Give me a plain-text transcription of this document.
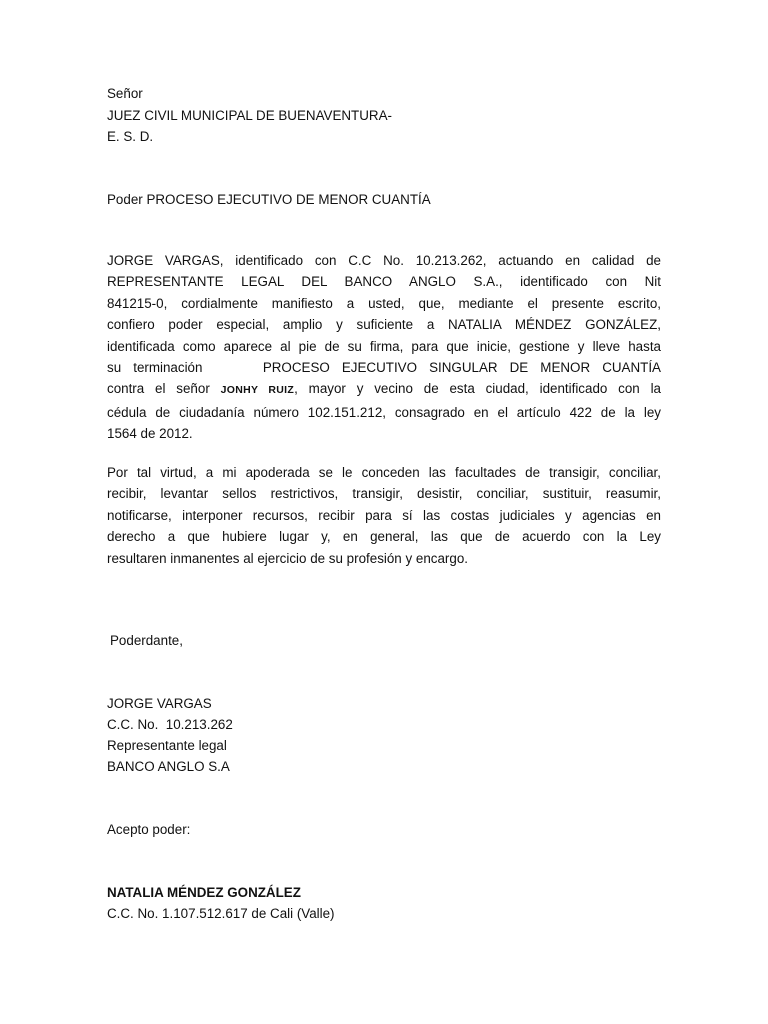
Señor
JUEZ CIVIL MUNICIPAL DE BUENAVENTURA-
E. S. D.
Poder PROCESO EJECUTIVO DE MENOR CUANTÍA
JORGE VARGAS, identificado con C.C No. 10.213.262, actuando en calidad de
REPRESENTANTE LEGAL DEL BANCO ANGLO S.A., identificado con Nit
841215-0, cordialmente manifiesto a usted, que, mediante el presente escrito,
confiero poder especial, amplio y suficiente a NATALIA MÉNDEZ GONZÁLEZ,
identificada como aparece al pie de su firma, para que inicie, gestione y lleve hasta
su terminación     PROCESO EJECUTIVO SINGULAR DE MENOR CUANTÍA
contra el señor JONHY RUIZ, mayor y vecino de esta ciudad, identificado con la
cédula de ciudadanía número 102.151.212, consagrado en el artículo 422 de la ley
1564 de 2012.
Por tal virtud, a mi apoderada se le conceden las facultades de transigir, conciliar,
recibir, levantar sellos restrictivos, transigir, desistir, conciliar, sustituir, reasumir,
notificarse, interponer recursos, recibir para sí las costas judiciales y agencias en
derecho a que hubiere lugar y, en general, las que de acuerdo con la Ley
resultaren inmanentes al ejercicio de su profesión y encargo.
Poderdante,
JORGE VARGAS
C.C. No.  10.213.262
Representante legal
BANCO ANGLO S.A
Acepto poder:
NATALIA MÉNDEZ GONZÁLEZ
C.C. No. 1.107.512.617 de Cali (Valle)
